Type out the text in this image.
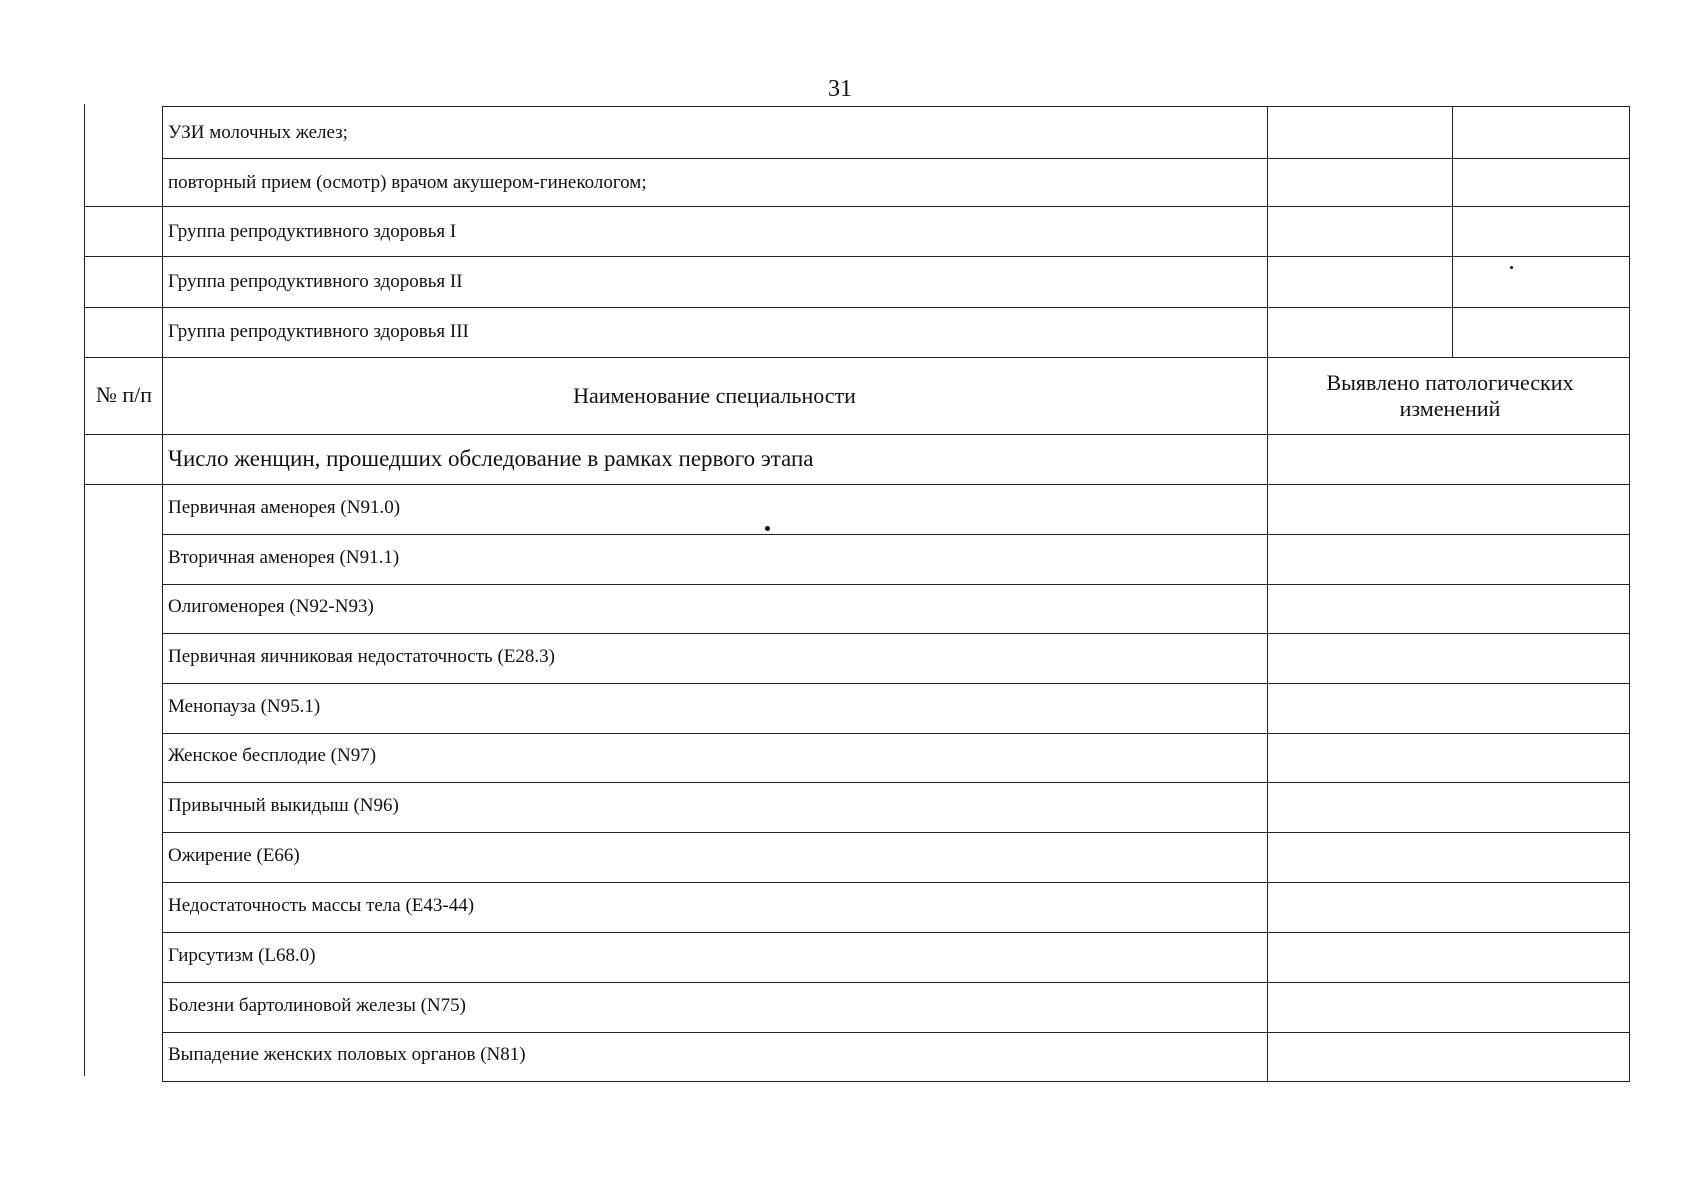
31
УЗИ молочных желез;
повторный прием (осмотр) врачом акушером-гинекологом;
Группа репродуктивного здоровья I
Группа репродуктивного здоровья II
Группа репродуктивного здоровья III
№ п/п	Наименование специальности
Выявлено патологических изменений
Число женщин, прошедших обследование в рамках первого этапа
Первичная аменорея (N91.0)
Вторичная аменорея (N91.1)
Олигоменорея (N92-N93)
Первичная яичниковая недостаточность (E28.3)
Менопауза (N95.1)
Женское бесплодие (N97)
Привычный выкидыш (N96)
Ожирение (E66)
Недостаточность массы тела (E43-44)
Гирсутизм (L68.0)
Болезни бартолиновой железы (N75)
Выпадение женских половых органов (N81)
